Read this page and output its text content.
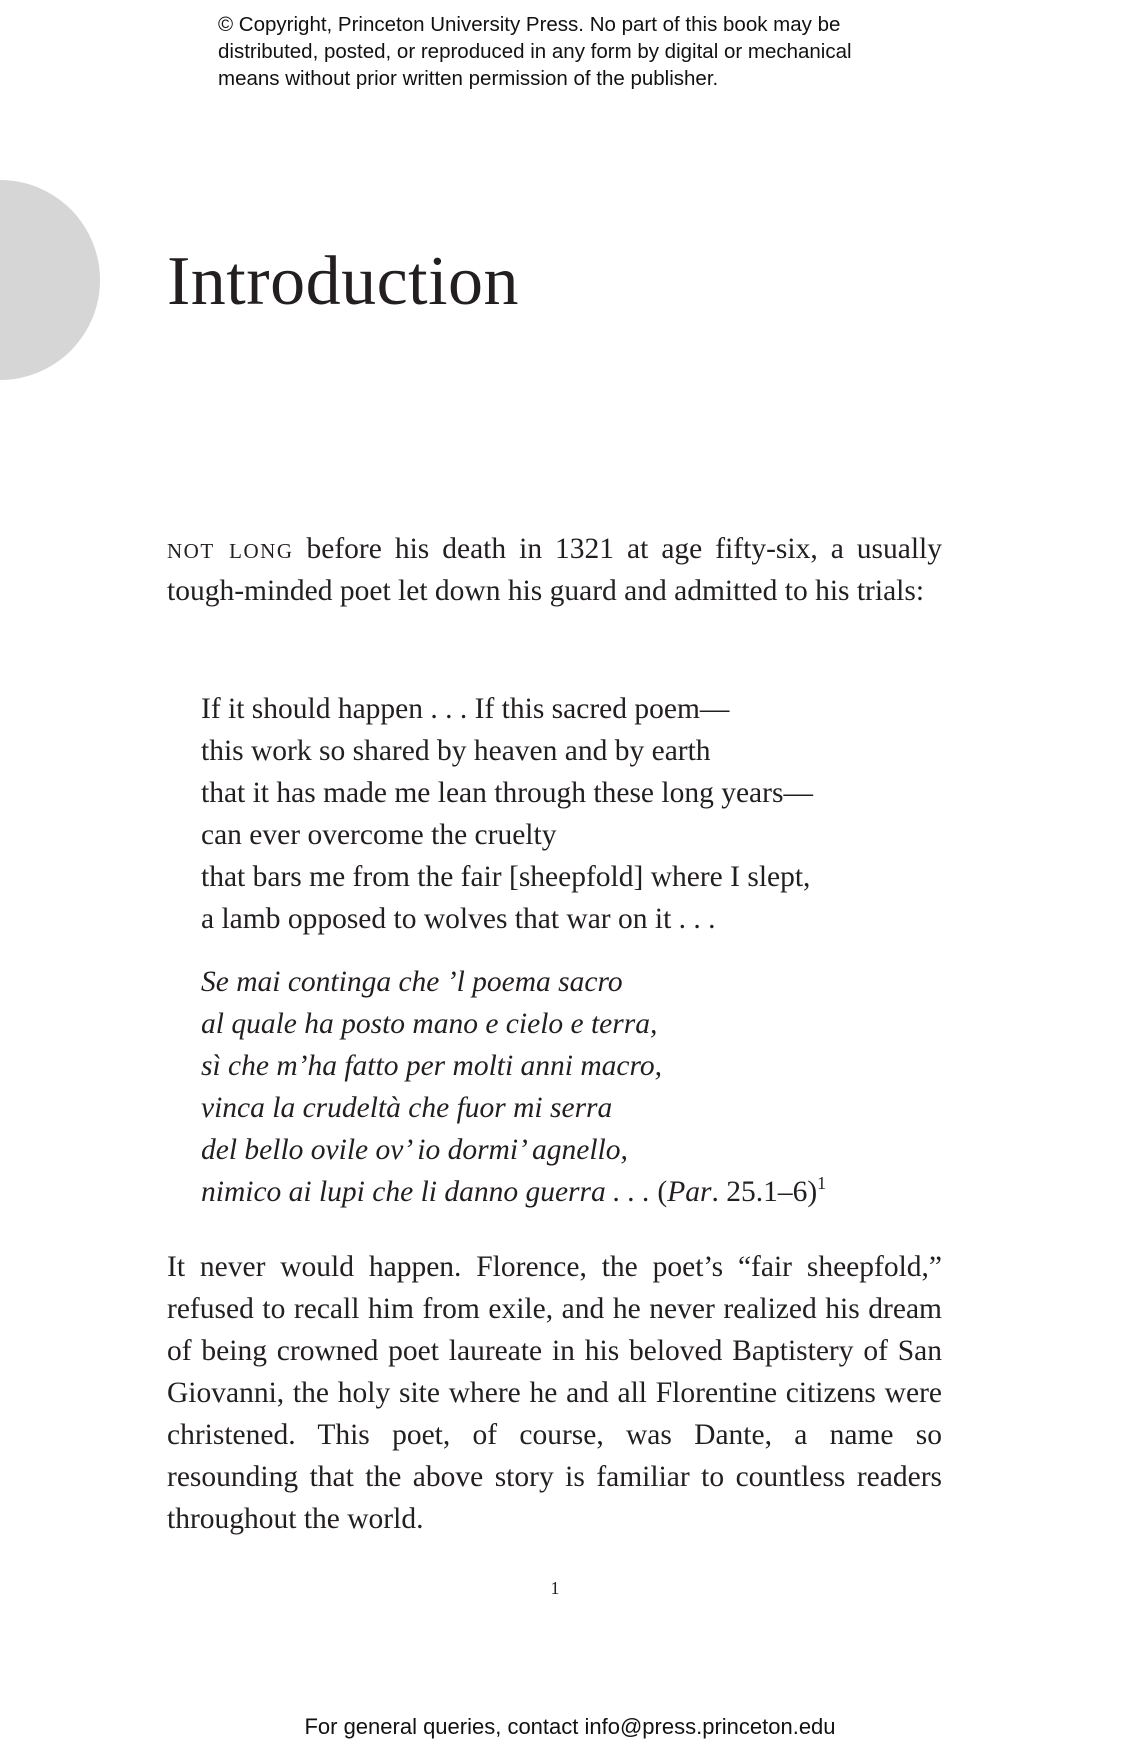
© Copyright, Princeton University Press. No part of this book may be
distributed, posted, or reproduced in any form by digital or mechanical
means without prior written permission of the publisher.
Introduction

not long before his death in 1321 at age fifty-six, a usually tough-minded poet let down his guard and admitted to his trials:

If it should happen . . . If this sacred poem—
this work so shared by heaven and by earth
that it has made me lean through these long years—
can ever overcome the cruelty
that bars me from the fair [sheepfold] where I slept,
a lamb opposed to wolves that war on it . . .
Se mai continga che ’l poema sacro
al quale ha posto mano e cielo e terra,
sì che m’ha fatto per molti anni macro,
vinca la crudeltà che fuor mi serra
del bello ovile ov’ io dormi’ agnello,
nimico ai lupi che li danno guerra . . . (Par. 25.1–6)$^1$

It never would happen. Florence, the poet’s “fair sheepfold,” refused to recall him from exile, and he never realized his dream of being crowned poet laureate in his beloved Baptistery of San Giovanni, the holy site where he and all Florentine citizens were christened. This poet, of course, was Dante, a name so resounding that the above story is familiar to countless readers throughout the world.

1
For general queries, contact info@press.princeton.edu
